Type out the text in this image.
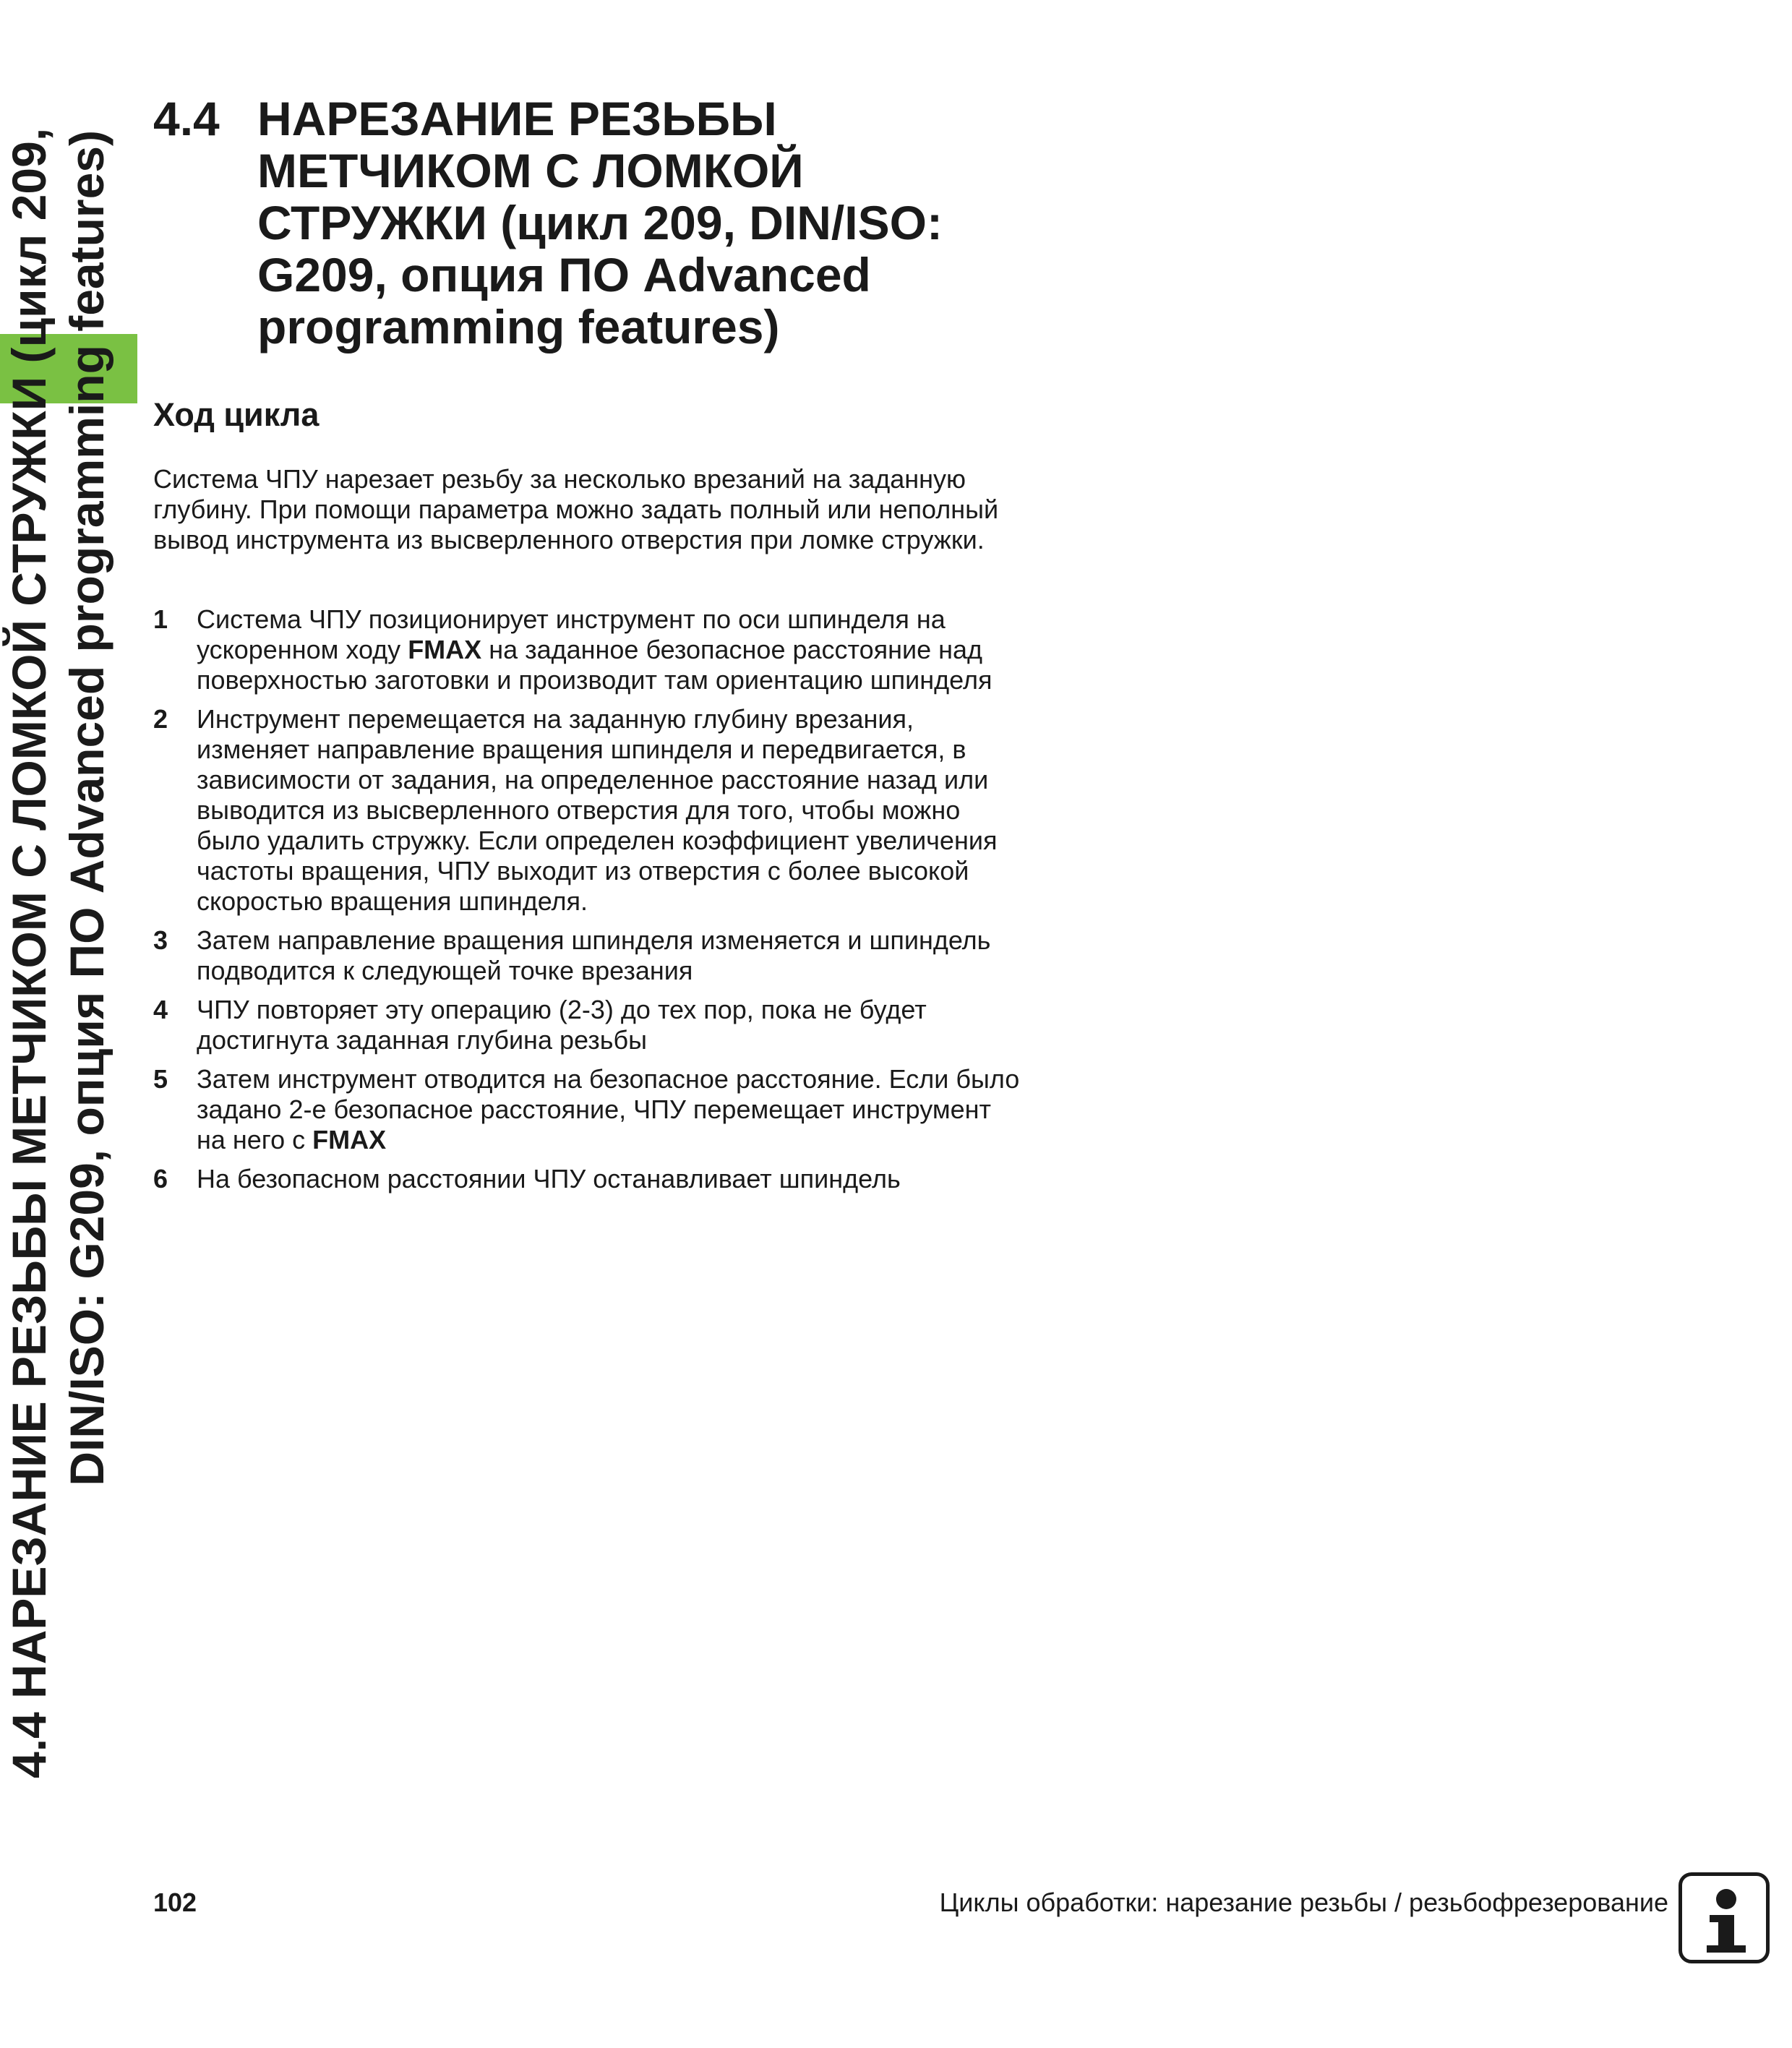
4.4 НАРЕЗАНИЕ РЕЗЬБЫ МЕТЧИКОМ С ЛОМКОЙ СТРУЖКИ (цикл 209, DIN/ISO: G209, опция ПО Advanced programming features)
4.4 НАРЕЗАНИЕ РЕЗЬБЫ
МЕТЧИКОМ С ЛОМКОЙ
СТРУЖКИ (цикл 209, DIN/ISO:
G209, опция ПО Advanced
programming features)
Ход цикла

Система ЧПУ нарезает резьбу за несколько врезаний на заданную глубину. При помощи параметра можно задать полный или неполный вывод инструмента из высверленного отверстия при ломке стружки.

1 Система ЧПУ позиционирует инструмент по оси шпинделя на ускоренном ходу FMAX на заданное безопасное расстояние над поверхностью заготовки и производит там ориентацию шпинделя
2 Инструмент перемещается на заданную глубину врезания, изменяет направление вращения шпинделя и передвигается, в зависимости от задания, на определенное расстояние назад или выводится из высверленного отверстия для того, чтобы можно было удалить стружку. Если определен коэффициент увеличения частоты вращения, ЧПУ выходит из отверстия с более высокой скоростью вращения шпинделя.
3 Затем направление вращения шпинделя изменяется и шпиндель подводится к следующей точке врезания
4 ЧПУ повторяет эту операцию (2-3) до тех пор, пока не будет достигнута заданная глубина резьбы
5 Затем инструмент отводится на безопасное расстояние. Если было задано 2-е безопасное расстояние, ЧПУ перемещает инструмент на него с FMAX
6 На безопасном расстоянии ЧПУ останавливает шпиндель
102	Циклы обработки: нарезание резьбы / резьбофрезерование
